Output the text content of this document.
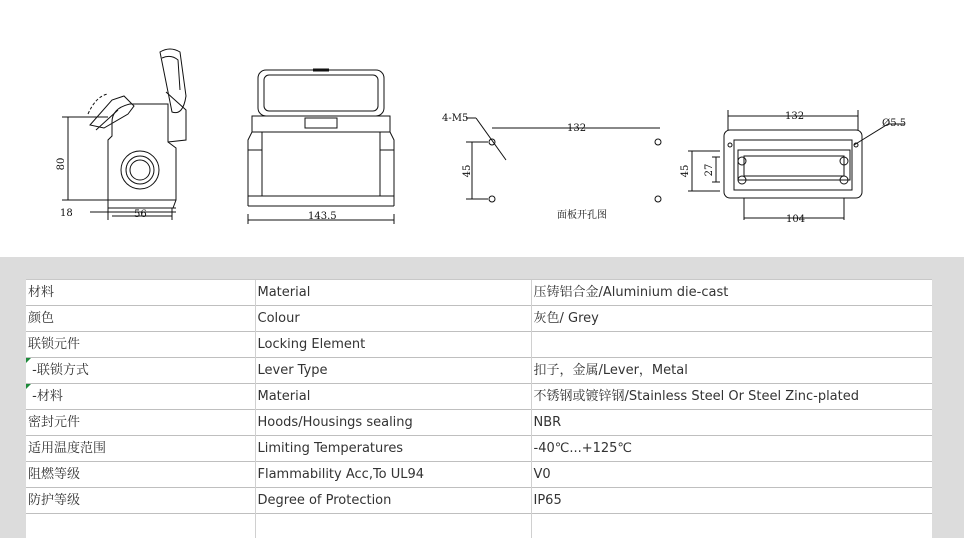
80
18	56	143.5
4-M5
132
45
面板开孔图
132
Ø5.5
45 27
104
材料	Material	压铸铝合金/Aluminium die-cast
颜色	Colour	灰色/ Grey
联锁元件	Locking Element	

-联锁方式	Lever Type	扣子，金属/Lever，Metal

-材料	Material	不锈钢或镀锌钢/Stainless Steel Or Steel Zinc-plated
密封元件	Hoods/Housings sealing	NBR
适用温度范围	Limiting Temperatures	-40℃...+125℃
阻燃等级	Flammability Acc,To UL94	V0
防护等级	Degree of Protection	IP65
